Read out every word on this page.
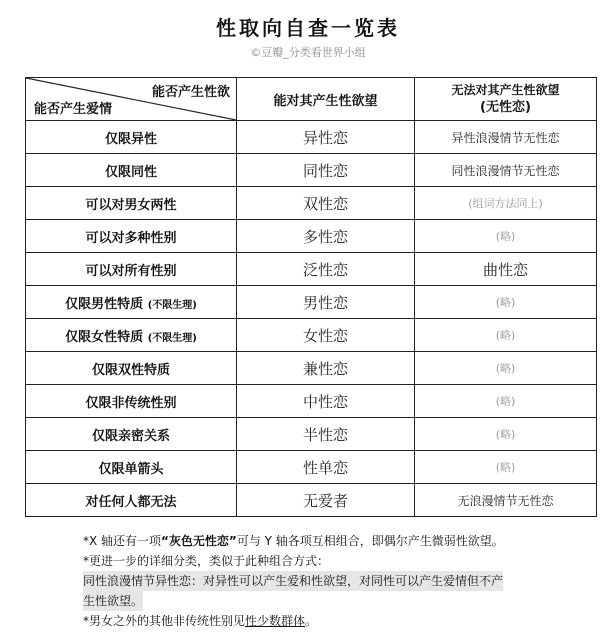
性取向自查一览表
©豆瓣_分类看世界小组
能否产生性欲
能否产生爱情	能对其产生性欲望	无法对其产生性欲望
(无性恋)

仅限异性	异性恋	异性浪漫情节无性恋
仅限同性	同性恋	同性浪漫情节无性恋
可以对男女两性	双性恋	(组词方法同上)
可以对多种性别	多性恋	(略)
可以对所有性别	泛性恋	曲性恋
仅限男性特质 (不限生理)	男性恋	(略)
仅限女性特质 (不限生理)	女性恋	(略)
仅限双性特质	兼性恋	(略)
仅限非传统性别	中性恋	(略)
仅限亲密关系	半性恋	(略)
仅限单箭头	性单恋	(略)
对任何人都无法	无爱者	无浪漫情节无性恋
*X 轴还有一项“灰色无性恋”可与 Y 轴各项互相组合，即偶尔产生微弱性欲望。
*更进一步的详细分类，类似于此种组合方式：
同性浪漫情节异性恋：对异性可以产生爱和性欲望，对同性可以产生爱情但不产
生性欲望。
*男女之外的其他非传统性别见性少数群体。
